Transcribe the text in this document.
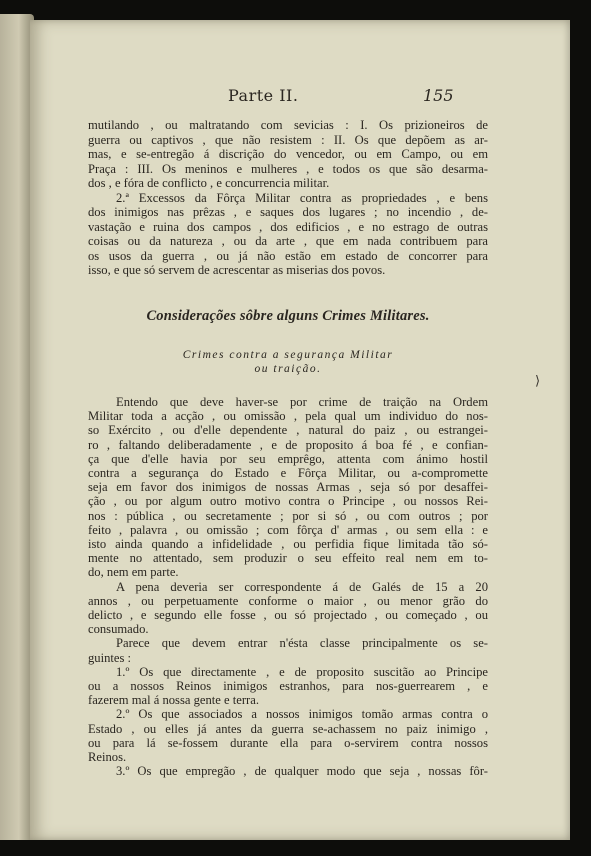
Parte II.	155

mutilando , ou maltratando com sevicias : I. Os prizioneiros de

guerra ou captivos , que não resistem : II. Os que depõem as ar-

mas, e se-entregão á discrição do vencedor, ou em Campo, ou em

Praça : III. Os meninos e mulheres , e todos os que são desarma-

dos , e fóra de conflicto , e concurrencia militar.

2.ª Excessos da Fôrça Militar contra as propriedades , e bens

dos inimigos nas prêzas , e saques dos lugares ; no incendio , de-

vastação e ruina dos campos , dos edificios , e no estrago de outras

coisas ou da natureza , ou da arte , que em nada contribuem para

os usos da guerra , ou já não estão em estado de concorrer para

isso, e que só servem de acrescentar as miserias dos povos.

Considerações sôbre alguns Crimes Militares.
Crimes contra a segurança Militar
ou traição.

Entendo que deve haver-se por crime de traição na Ordem

Militar toda a acção , ou omissão , pela qual um individuo do nos-

so Exército , ou d'elle dependente , natural do paiz , ou estrangei-

ro , faltando deliberadamente , e de proposito á boa fé , e confian-

ça que d'elle havia por seu emprêgo, attenta com ánimo hostil

contra a segurança do Estado e Fôrça Militar, ou a-compromette

seja em favor dos inimigos de nossas Armas , seja só por desaffei-

ção , ou por algum outro motivo contra o Principe , ou nossos Rei-

nos : pública , ou secretamente ; por si só , ou com outros ; por

feito , palavra , ou omissão ; com fôrça d' armas , ou sem ella : e

isto ainda quando a infidelidade , ou perfidia fique limitada tão só-

mente no attentado, sem produzir o seu effeito real nem em to-

do, nem em parte.

A pena deveria ser correspondente á de Galés de 15 a 20

annos , ou perpetuamente conforme o maior , ou menor grão do

delicto , e segundo elle fosse , ou só projectado , ou começado , ou

consumado.

Parece que devem entrar n'ésta classe principalmente os se-

guintes :

1.º Os que directamente , e de proposito suscitão ao Principe

ou a nossos Reinos inimigos estranhos, para nos-guerrearem , e

fazerem mal á nossa gente e terra.

2.º Os que associados a nossos inimigos tomão armas contra o

Estado , ou elles já antes da guerra se-achassem no paiz inimigo ,

ou para lá se-fossem durante ella para o-servirem contra nossos

Reinos.

3.º Os que empregão , de qualquer modo que seja , nossas fôr-

⟩
